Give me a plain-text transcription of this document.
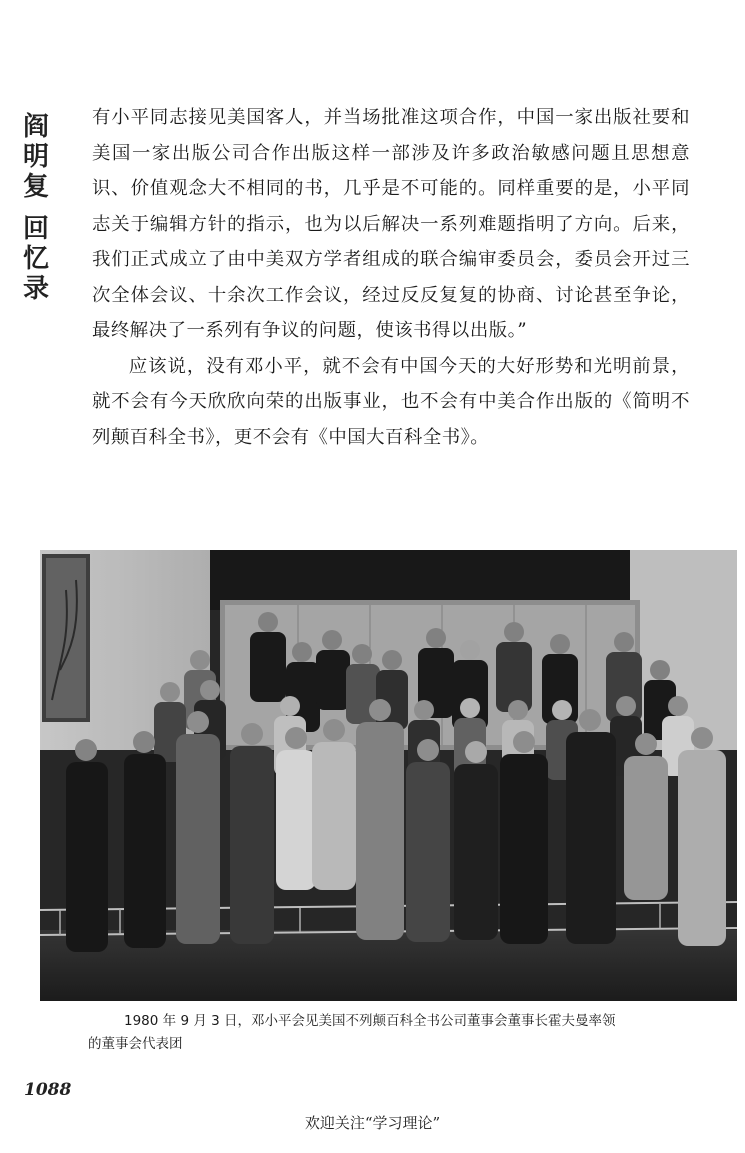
阎
明
复
回
忆
录

有小平同志接见美国客人，并当场批准这项合作，中国一家出版社要和美国一家出版公司合作出版这样一部涉及许多政治敏感问题且思想意识、价值观念大不相同的书，几乎是不可能的。同样重要的是，小平同志关于编辑方针的指示，也为以后解决一系列难题指明了方向。后来，我们正式成立了由中美双方学者组成的联合编审委员会，委员会开过三次全体会议、十余次工作会议，经过反反复复的协商、讨论甚至争论，最终解决了一系列有争议的问题，使该书得以出版。”

应该说，没有邓小平，就不会有中国今天的大好形势和光明前景，就不会有今天欣欣向荣的出版事业，也不会有中美合作出版的《简明不列颠百科全书》，更不会有《中国大百科全书》。

1980 年 9 月 3 日，邓小平会见美国不列颠百科全书公司董事会董事长霍夫曼率领
的董事会代表团
1088
欢迎关注“学习理论”
